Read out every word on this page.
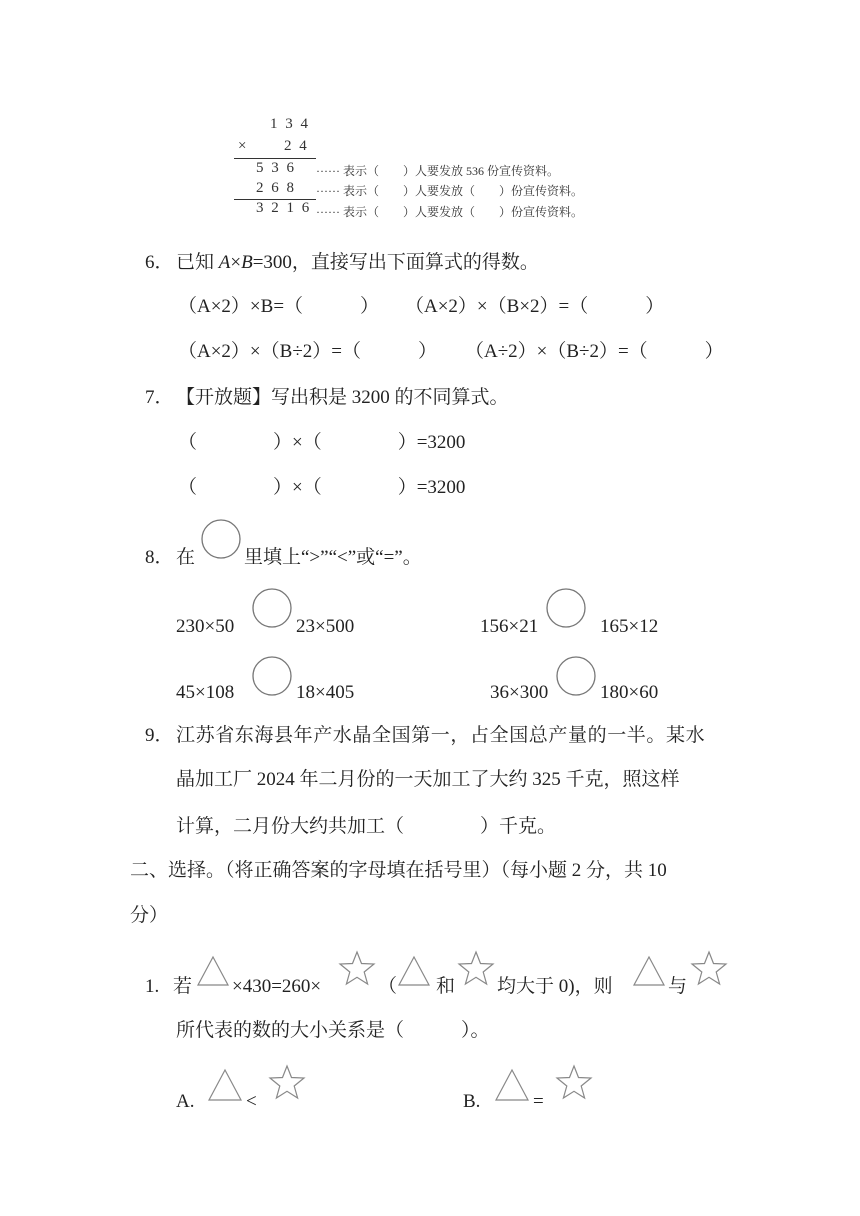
1 3 4
×	2 4
5 3 6 ······ 表示（　　）人要发放 536 份宣传资料。
2 6 8 ······ 表示（　　）人要发放（　　）份宣传资料。
3 2 1 6 ······ 表示（　　）人要发放（　　）份宣传资料。
6． 已知 A×B=300，直接写出下面算式的得数。
（A×2）×B=（　　　） （A×2）×（B×2）=（　　　）
（A×2）×（B÷2）=（　　　） （A÷2）×（B÷2）=（　　　）
7． 【开放题】写出积是 3200 的不同算式。
（　　　　）×（　　　　）=3200
（　　　　）×（　　　　）=3200
8． 在	里填上“>”“<”或“=”。
230×50	23×500	156×21	165×12
45×108	18×405	36×300	180×60
9． 江苏省东海县年产水晶全国第一，占全国总产量的一半。某水
晶加工厂 2024 年二月份的一天加工了大约 325 千克，照这样
计算，二月份大约共加工（　　　　）千克。
二、选择。（将正确答案的字母填在括号里）（每小题 2 分，共 10
分）
1. 若 ×430=260×	（ 和 均大于 0)，则	与
所代表的数的大小关系是（　　　）。
A.	<	B.	=
